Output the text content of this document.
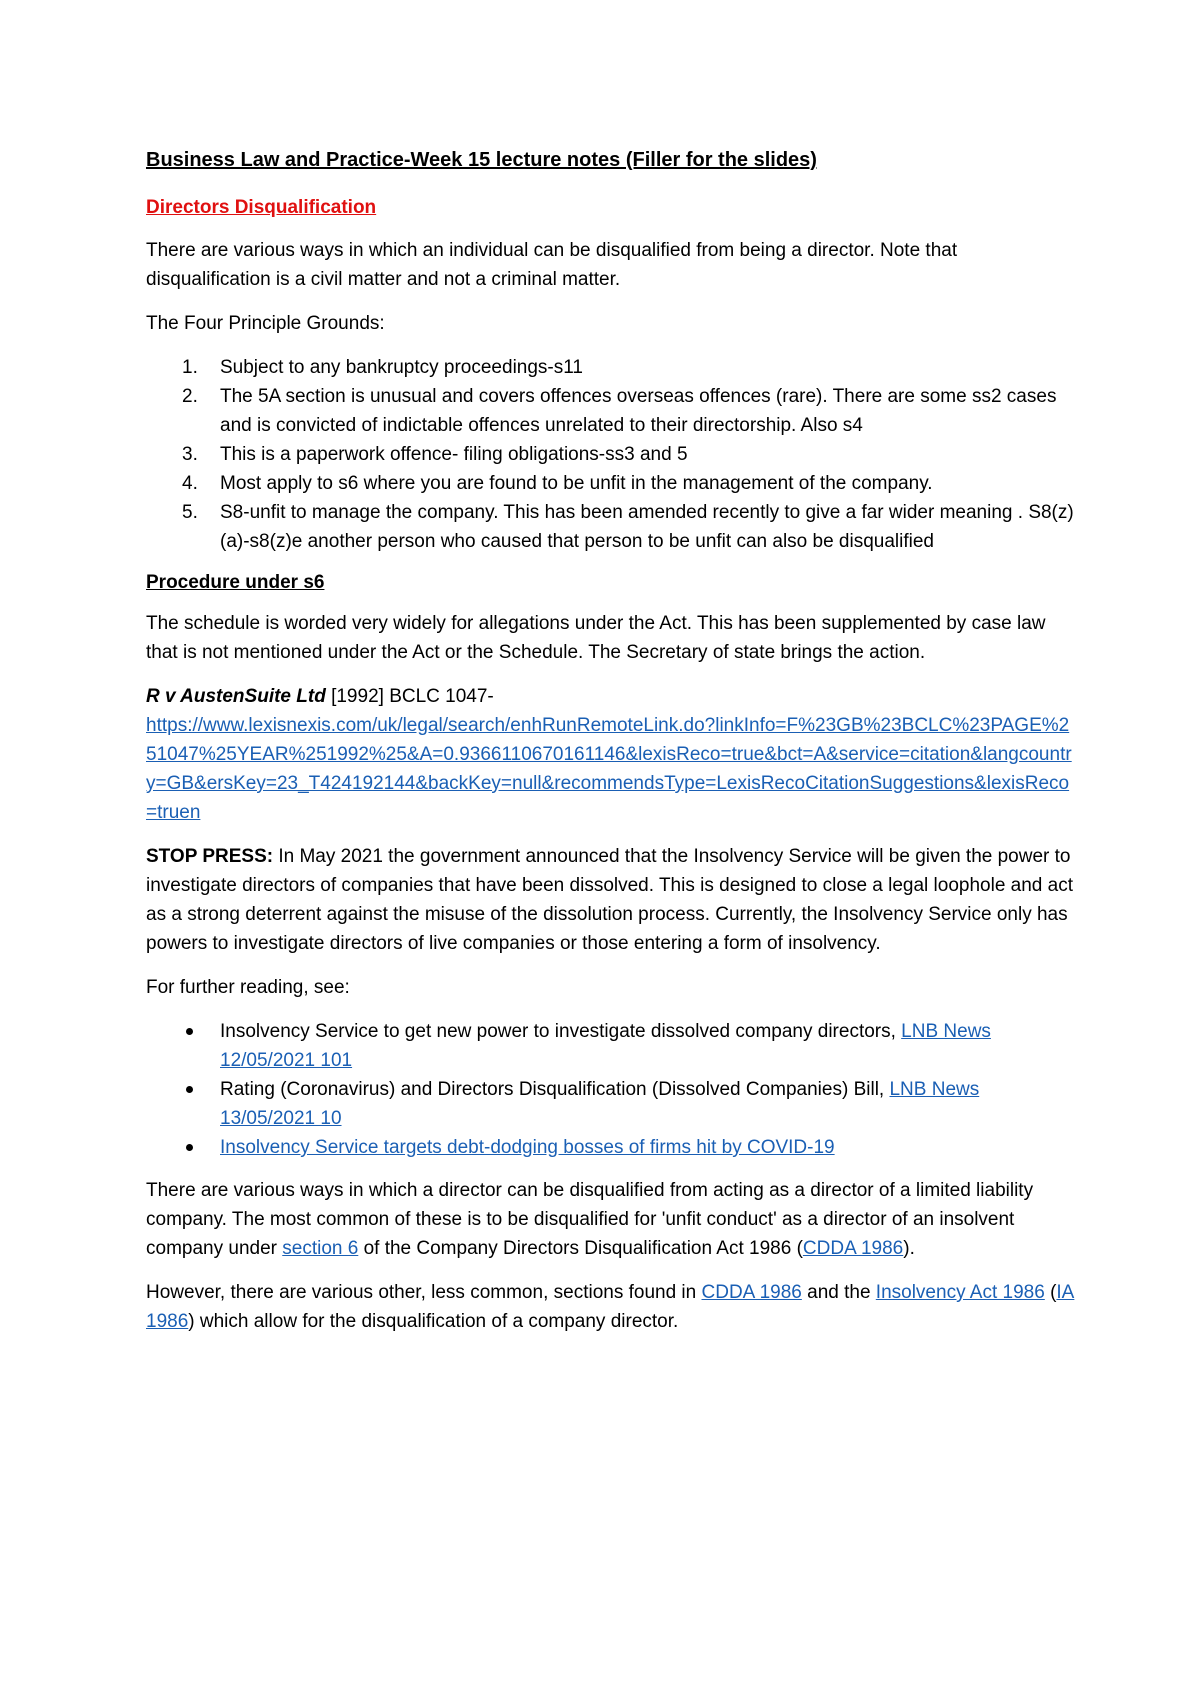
Business Law and Practice-Week 15 lecture notes (Filler for the slides)
Directors Disqualification

There are various ways in which an individual can be disqualified from being a director. Note that disqualification is a civil matter and not a criminal matter.

The Four Principle Grounds:

1. Subject to any bankruptcy proceedings-s11
2. The 5A section is unusual and covers offences overseas offences (rare). There are some ss2 cases and is convicted of indictable offences unrelated to their directorship. Also s4
3. This is a paperwork offence- filing obligations-ss3 and 5
4. Most apply to s6 where you are found to be unfit in the management of the company.
5. S8-unfit to manage the company. This has been amended recently to give a far wider meaning . S8(z)(a)-s8(z)e another person who caused that person to be unfit can also be disqualified
Procedure under s6

The schedule is worded very widely for allegations under the Act. This has been supplemented by case law that is not mentioned under the Act or the Schedule. The Secretary of state brings the action.

R v AustenSuite Ltd [1992] BCLC 1047-
https://www.lexisnexis.com/uk/legal/search/enhRunRemoteLink.do?linkInfo=F%23GB%23BCLC%23PAGE%251047%25YEAR%251992%25&A=0.9366110670161146&lexisReco=true&bct=A&service=citation&langcountry=GB&ersKey=23_T424192144&backKey=null&recommendsType=LexisRecoCitationSuggestions&lexisReco=truen

STOP PRESS: In May 2021 the government announced that the Insolvency Service will be given the power to investigate directors of companies that have been dissolved. This is designed to close a legal loophole and act as a strong deterrent against the misuse of the dissolution process. Currently, the Insolvency Service only has powers to investigate directors of live companies or those entering a form of insolvency.

For further reading, see:

Insolvency Service to get new power to investigate dissolved company directors, LNB News 12/05/2021 101
Rating (Coronavirus) and Directors Disqualification (Dissolved Companies) Bill, LNB News 13/05/2021 10
Insolvency Service targets debt-dodging bosses of firms hit by COVID-19

There are various ways in which a director can be disqualified from acting as a director of a limited liability company. The most common of these is to be disqualified for 'unfit conduct' as a director of an insolvent company under section 6 of the Company Directors Disqualification Act 1986 (CDDA 1986).

However, there are various other, less common, sections found in CDDA 1986 and the Insolvency Act 1986 (IA 1986) which allow for the disqualification of a company director.
